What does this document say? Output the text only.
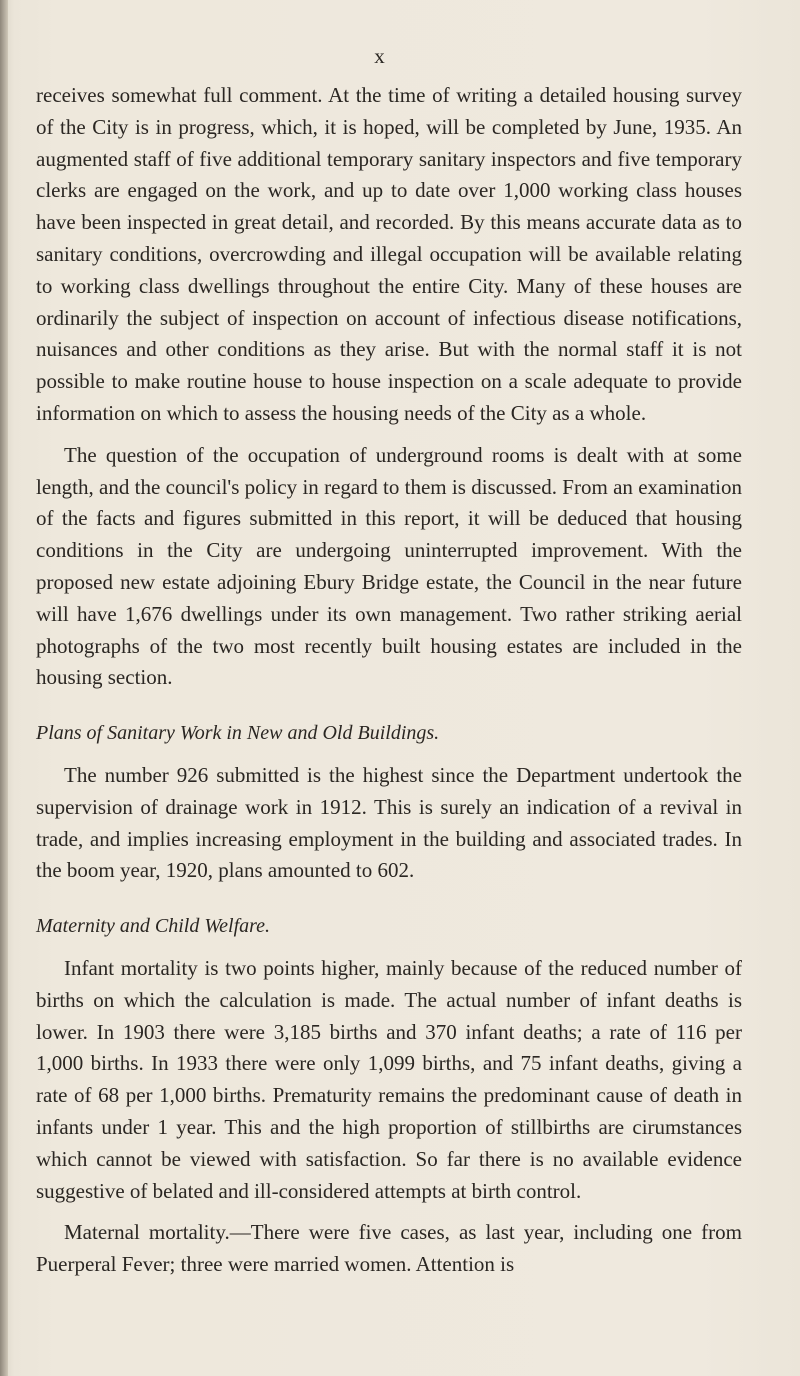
x

receives somewhat full comment. At the time of writing a detailed housing survey of the City is in progress, which, it is hoped, will be completed by June, 1935. An augmented staff of five additional temporary sanitary inspectors and five temporary clerks are engaged on the work, and up to date over 1,000 working class houses have been inspected in great detail, and recorded. By this means accurate data as to sanitary conditions, overcrowding and illegal occupation will be available relating to working class dwellings throughout the entire City. Many of these houses are ordinarily the subject of inspection on account of infectious disease notifications, nuisances and other conditions as they arise. But with the normal staff it is not possible to make routine house to house inspection on a scale adequate to provide information on which to assess the housing needs of the City as a whole.

The question of the occupation of underground rooms is dealt with at some length, and the council's policy in regard to them is discussed. From an examination of the facts and figures submitted in this report, it will be deduced that housing conditions in the City are undergoing uninterrupted improvement. With the proposed new estate adjoining Ebury Bridge estate, the Council in the near future will have 1,676 dwellings under its own management. Two rather striking aerial photographs of the two most recently built housing estates are included in the housing section.

Plans of Sanitary Work in New and Old Buildings.

The number 926 submitted is the highest since the Department undertook the supervision of drainage work in 1912. This is surely an indication of a revival in trade, and implies increasing employment in the building and associated trades. In the boom year, 1920, plans amounted to 602.

Maternity and Child Welfare.

Infant mortality is two points higher, mainly because of the reduced number of births on which the calculation is made. The actual number of infant deaths is lower. In 1903 there were 3,185 births and 370 infant deaths; a rate of 116 per 1,000 births. In 1933 there were only 1,099 births, and 75 infant deaths, giving a rate of 68 per 1,000 births. Prematurity remains the predominant cause of death in infants under 1 year. This and the high proportion of stillbirths are cirumstances which cannot be viewed with satisfaction. So far there is no available evidence suggestive of belated and ill-considered attempts at birth control.

Maternal mortality.—There were five cases, as last year, including one from Puerperal Fever; three were married women. Attention is
